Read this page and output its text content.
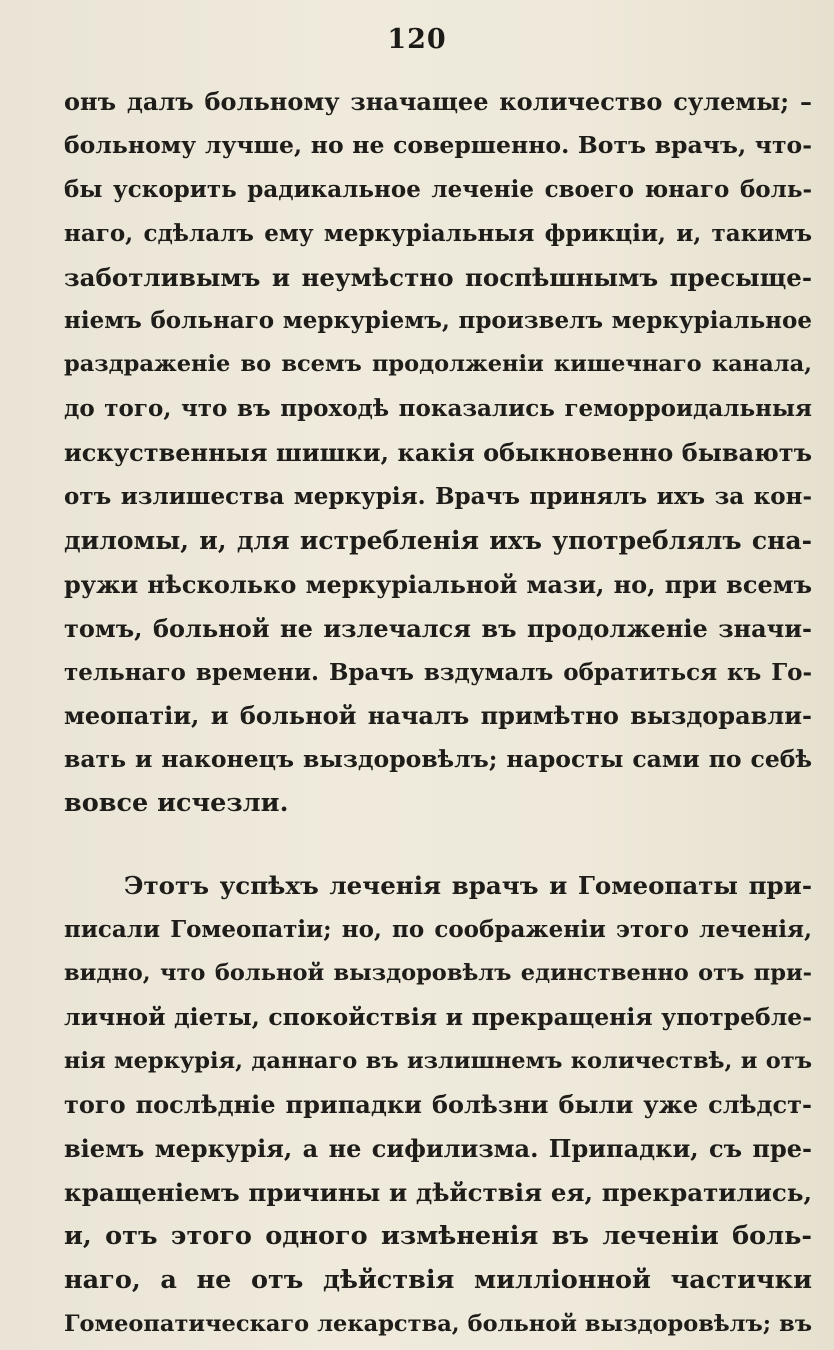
120
онъ далъ больному значащее количество сулемы; –
больному лучше, но не совершенно. Вотъ врачъ, что-
бы ускорить радикальное леченіе своего юнаго боль-
наго, сдѣлалъ ему меркуріальныя фрикціи, и, такимъ
заботливымъ и неумѣстно поспѣшнымъ пресыще-
ніемъ больнаго меркуріемъ, произвелъ меркуріальное
раздраженіе во всемъ продолженіи кишечнаго канала,
до того, что въ проходѣ показались геморроидальныя
искуственныя шишки, какія обыкновенно бываютъ
отъ излишества меркурія. Врачъ принялъ ихъ за кон-
диломы, и, для истребленія ихъ употреблялъ сна-
ружи нѣсколько меркуріальной мази, но, при всемъ
томъ, больной не излечался въ продолженіе значи-
тельнаго времени. Врачъ вздумалъ обратиться къ Го-
меопатіи, и больной началъ примѣтно выздоравли-
вать и наконецъ выздоровѣлъ; наросты сами по себѣ
вовсе исчезли.
Этотъ успѣхъ леченія врачъ и Гомеопаты при-
писали Гомеопатіи; но, по соображеніи этого леченія,
видно, что больной выздоровѣлъ единственно отъ при-
личной діеты, спокойствія и прекращенія употребле-
нія меркурія, даннаго въ излишнемъ количествѣ, и отъ
того послѣдніе припадки болѣзни были уже слѣдст-
віемъ меркурія, а не сифилизма. Припадки, съ пре-
кращеніемъ причины и дѣйствія ея, прекратились,
и, отъ этого одного измѣненія въ леченіи боль-
наго, а не отъ дѣйствія милліонной частички
Гомеопатическаго лекарства, больной выздоровѣлъ; въ
